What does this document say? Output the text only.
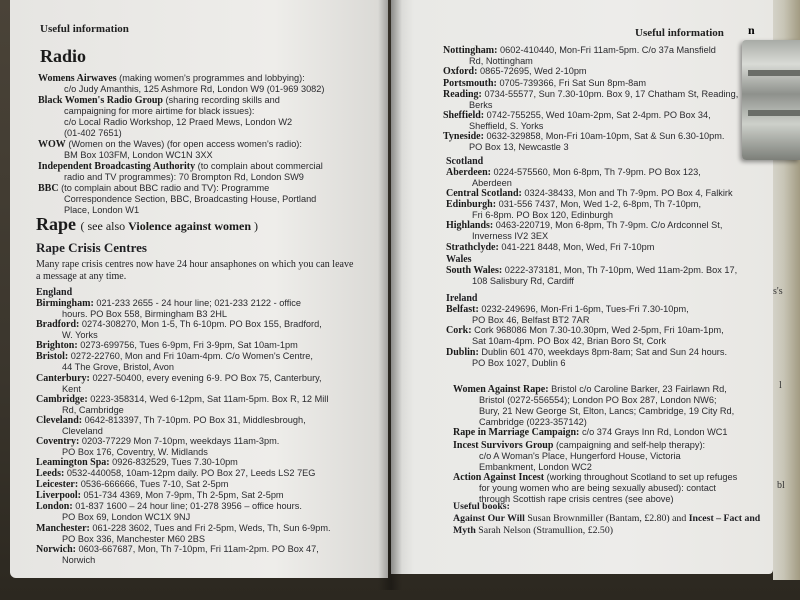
Useful information
Radio
Womens Airwaves (making women's programmes and lobbying):
c/o Judy Amanthis, 125 Ashmore Rd, London W9 (01-969 3082)
Black Women's Radio Group (sharing recording skills and
campaigning for more airtime for black issues):
c/o Local Radio Workshop, 12 Praed Mews, London W2
(01-402 7651)
WOW (Women on the Waves) (for open access women's radio):
BM Box 103FM, London WC1N 3XX
Independent Broadcasting Authority (to complain about commercial
radio and TV programmes): 70 Brompton Rd, London SW9
BBC (to complain about BBC radio and TV): Programme
Correspondence Section, BBC, Broadcasting House, Portland
Place, London W1
Rape ( see also Violence against women )
Rape Crisis Centres
Many rape crisis centres now have 24 hour ansaphones on which you can leave a message at any time.
England
Birmingham: 021-233 2655 - 24 hour line; 021-233 2122 - office
hours. PO Box 558, Birmingham B3 2HL
Bradford: 0274-308270, Mon 1-5, Th 6-10pm. PO Box 155, Bradford,
W. Yorks
Brighton: 0273-699756, Tues 6-9pm, Fri 3-9pm, Sat 10am-1pm
Bristol: 0272-22760, Mon and Fri 10am-4pm. C/o Women's Centre,
44 The Grove, Bristol, Avon
Canterbury: 0227-50400, every evening 6-9. PO Box 75, Canterbury,
Kent
Cambridge: 0223-358314, Wed 6-12pm, Sat 11am-5pm. Box R, 12 Mill
Rd, Cambridge
Cleveland: 0642-813397, Th 7-10pm. PO Box 31, Middlesbrough,
Cleveland
Coventry: 0203-77229 Mon 7-10pm, weekdays 11am-3pm.
PO Box 176, Coventry, W. Midlands
Leamington Spa: 0926-832529, Tues 7.30-10pm
Leeds: 0532-440058, 10am-12pm daily. PO Box 27, Leeds LS2 7EG
Leicester: 0536-666666, Tues 7-10, Sat 2-5pm
Liverpool: 051-734 4369, Mon 7-9pm, Th 2-5pm, Sat 2-5pm
London: 01-837 1600 – 24 hour line; 01-278 3956 – office hours.
PO Box 69, London WC1X 9NJ
Manchester: 061-228 3602, Tues and Fri 2-5pm, Weds, Th, Sun 6-9pm.
PO Box 336, Manchester M60 2BS
Norwich: 0603-667687, Mon, Th 7-10pm, Fri 11am-2pm. PO Box 47,
Norwich
Nottingham: 0602-410440, Mon-Fri 11am-5pm. C/o 37a Mansfield
Rd, Nottingham
Oxford: 0865-72695, Wed 2-10pm
Portsmouth: 0705-739366, Fri Sat Sun 8pm-8am
Reading: 0734-55577, Sun 7.30-10pm. Box 9, 17 Chatham St, Reading,
Berks
Sheffield: 0742-755255, Wed 10am-2pm, Sat 2-4pm. PO Box 34,
Sheffield, S. Yorks
Tyneside: 0632-329858, Mon-Fri 10am-10pm, Sat & Sun 6.30-10pm.
PO Box 13, Newcastle 3
Scotland
Aberdeen: 0224-575560, Mon 6-8pm, Th 7-9pm. PO Box 123,
Aberdeen
Central Scotland: 0324-38433, Mon and Th 7-9pm. PO Box 4, Falkirk
Edinburgh: 031-556 7437, Mon, Wed 1-2, 6-8pm, Th 7-10pm,
Fri 6-8pm. PO Box 120, Edinburgh
Highlands: 0463-220719, Mon 6-8pm, Th 7-9pm. C/o Ardconnel St,
Inverness IV2 3EX
Strathclyde: 041-221 8448, Mon, Wed, Fri 7-10pm
Wales
South Wales: 0222-373181, Mon, Th 7-10pm, Wed 11am-2pm. Box 17,
108 Salisbury Rd, Cardiff
Ireland
Belfast: 0232-249696, Mon-Fri 1-6pm, Tues-Fri 7.30-10pm,
PO Box 46, Belfast BT2 7AR
Cork: Cork 968086 Mon 7.30-10.30pm, Wed 2-5pm, Fri 10am-1pm,
Sat 10am-4pm. PO Box 42, Brian Boro St, Cork
Dublin: Dublin 601 470, weekdays 8pm-8am; Sat and Sun 24 hours.
PO Box 1027, Dublin 6
Women Against Rape: Bristol c/o Caroline Barker, 23 Fairlawn Rd,
Bristol (0272-556554); London PO Box 287, London NW6;
Bury, 21 New George St, Elton, Lancs; Cambridge, 19 City Rd,
Cambridge (0223-357142)
Rape in Marriage Campaign: c/o 374 Grays Inn Rd, London WC1
Incest Survivors Group (campaigning and self-help therapy):
c/o A Woman's Place, Hungerford House, Victoria
Embankment, London WC2
Action Against Incest (working throughout Scotland to set up refuges
for young women who are being sexually abused): contact
through Scottish rape crisis centres (see above)
Useful books:
Against Our Will Susan Brownmiller (Bantam, £2.80) and Incest – Fact and Myth Sarah Nelson (Stramullion, £2.50)
Useful information n
s's
l
bl
